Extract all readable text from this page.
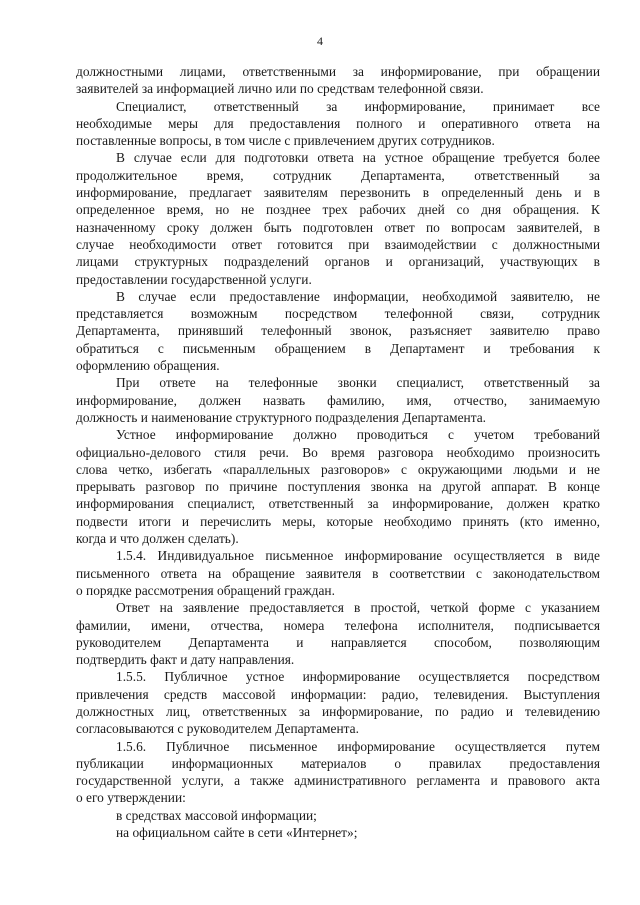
4
должностными лицами, ответственными за информирование, при обращении
заявителей за информацией лично или по средствам телефонной связи.
Специалист, ответственный за информирование, принимает все
необходимые меры для предоставления полного и оперативного ответа на
поставленные вопросы, в том числе с привлечением других сотрудников.
В случае если для подготовки ответа на устное обращение требуется более
продолжительное время, сотрудник Департамента, ответственный за
информирование, предлагает заявителям перезвонить в определенный день и в
определенное время, но не позднее трех рабочих дней со дня обращения. К
назначенному сроку должен быть подготовлен ответ по вопросам заявителей, в
случае необходимости ответ готовится при взаимодействии с должностными
лицами структурных подразделений органов и организаций, участвующих в
предоставлении государственной услуги.
В случае если предоставление информации, необходимой заявителю, не
представляется возможным посредством телефонной связи, сотрудник
Департамента, принявший телефонный звонок, разъясняет заявителю право
обратиться с письменным обращением в Департамент и требования к
оформлению обращения.
При ответе на телефонные звонки специалист, ответственный за
информирование, должен назвать фамилию, имя, отчество, занимаемую
должность и наименование структурного подразделения Департамента.
Устное информирование должно проводиться с учетом требований
официально-делового стиля речи. Во время разговора необходимо произносить
слова четко, избегать «параллельных разговоров» с окружающими людьми и не
прерывать разговор по причине поступления звонка на другой аппарат. В конце
информирования специалист, ответственный за информирование, должен кратко
подвести итоги и перечислить меры, которые необходимо принять (кто именно,
когда и что должен сделать).
1.5.4. Индивидуальное письменное информирование осуществляется в виде
письменного ответа на обращение заявителя в соответствии с законодательством
о порядке рассмотрения обращений граждан.
Ответ на заявление предоставляется в простой, четкой форме с указанием
фамилии, имени, отчества, номера телефона исполнителя, подписывается
руководителем Департамента и направляется способом, позволяющим
подтвердить факт и дату направления.
1.5.5. Публичное устное информирование осуществляется посредством
привлечения средств массовой информации: радио, телевидения. Выступления
должностных лиц, ответственных за информирование, по радио и телевидению
согласовываются с руководителем Департамента.
1.5.6. Публичное письменное информирование осуществляется путем
публикации информационных материалов о правилах предоставления
государственной услуги, а также административного регламента и правового акта
о его утверждении:
в средствах массовой информации;
на официальном сайте в сети «Интернет»;
